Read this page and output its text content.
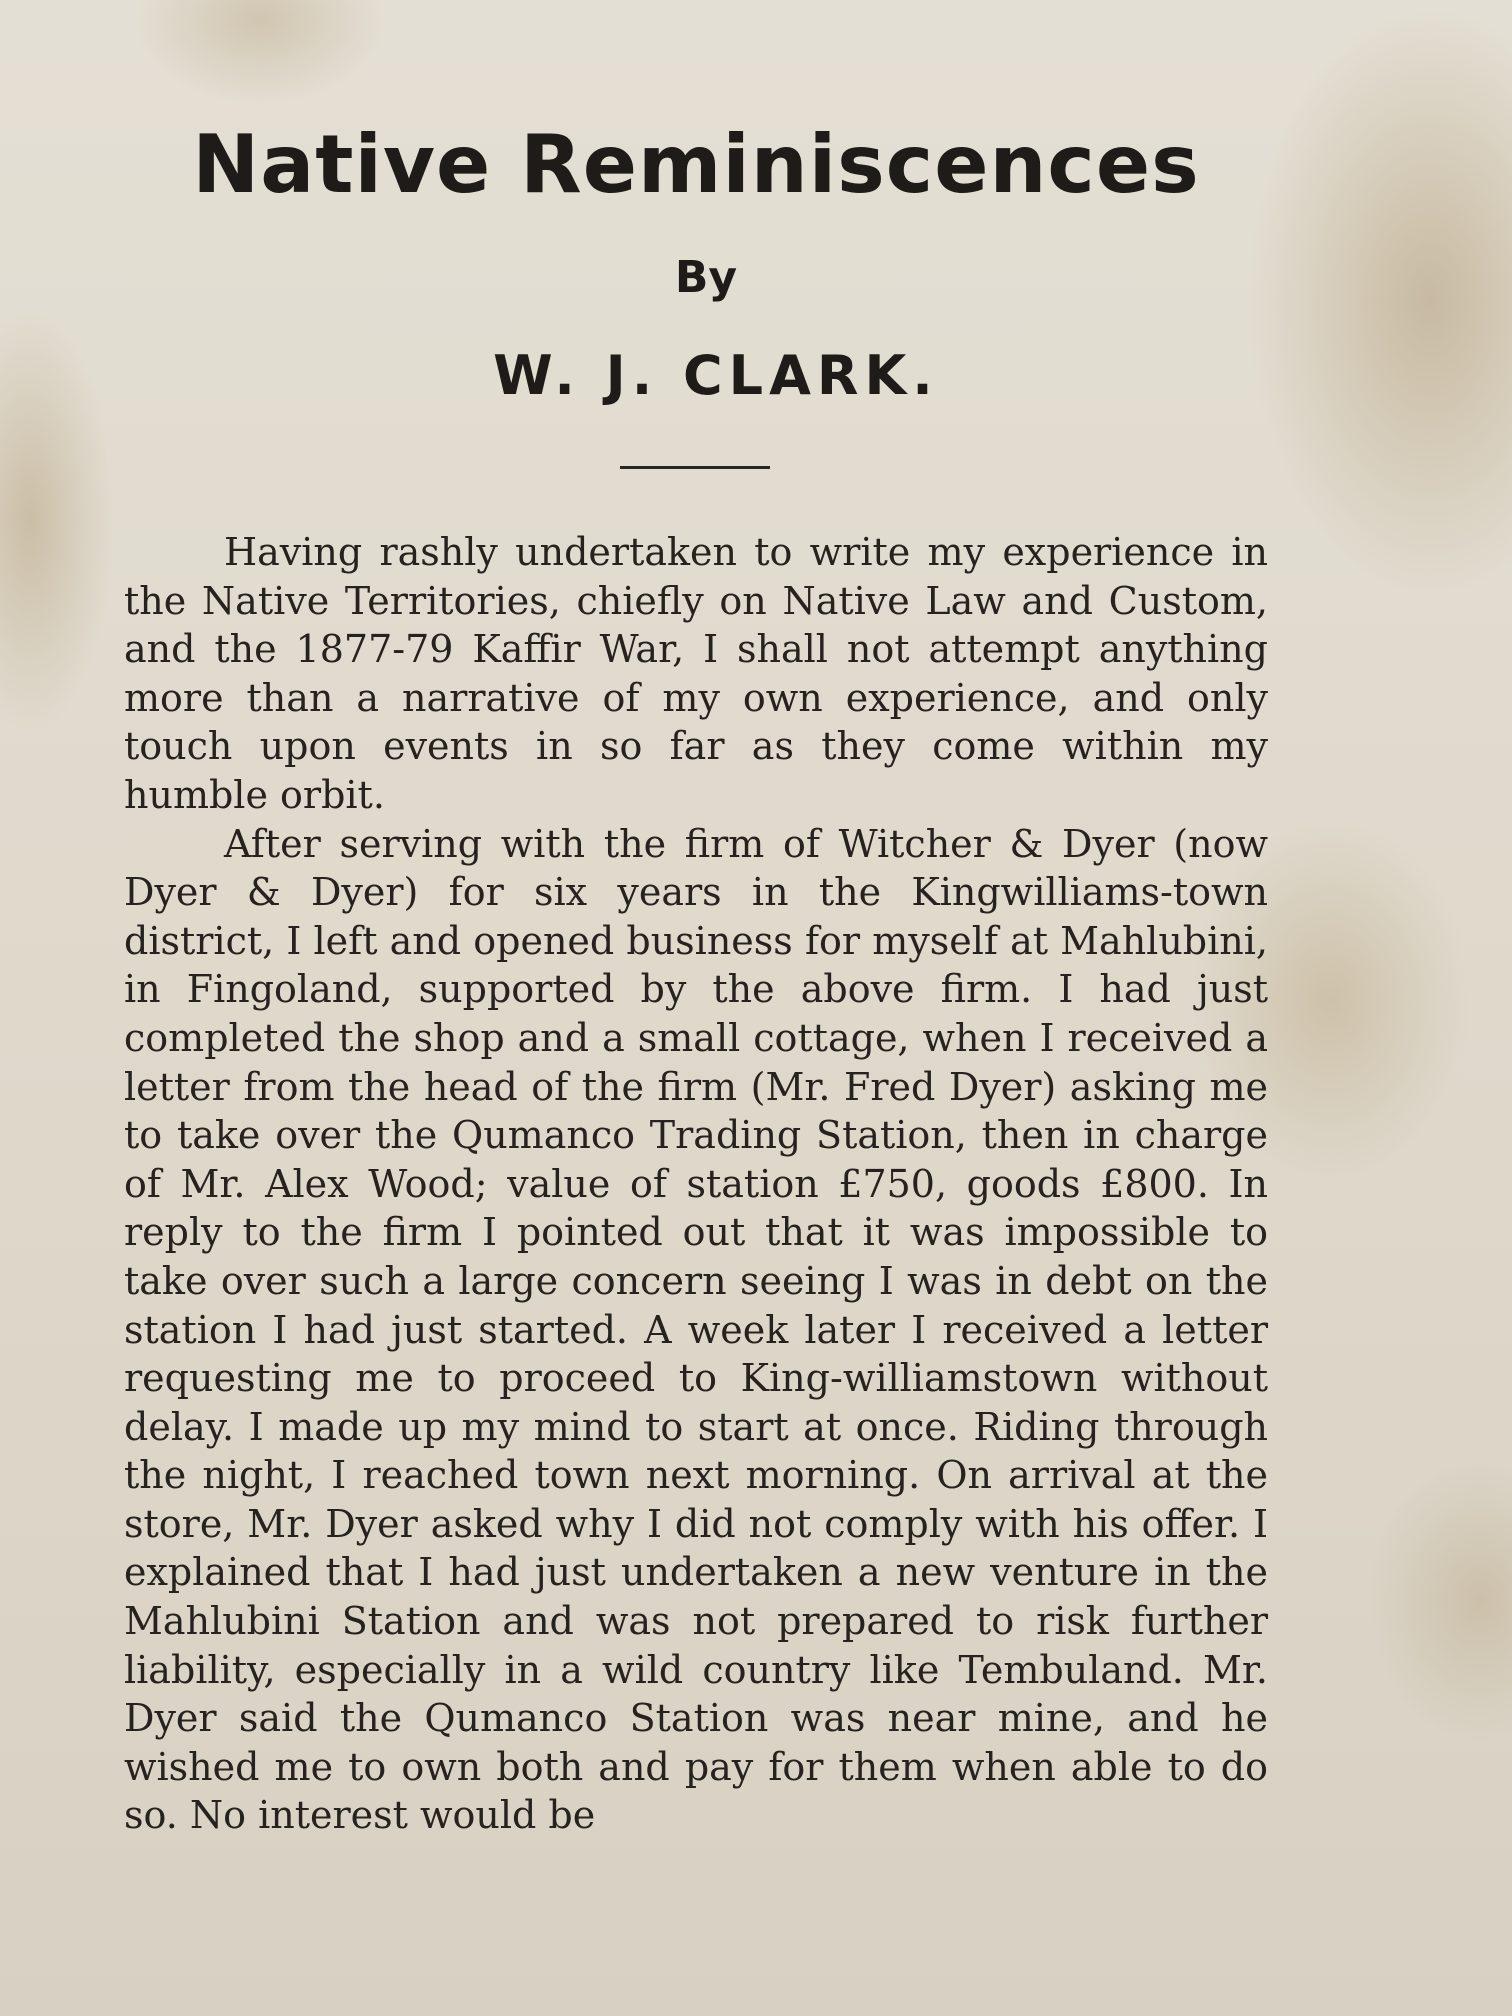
Native Reminiscences
By
W. J. CLARK.

Having rashly undertaken to write my experience in the Native Territories, chiefly on Native Law and Custom, and the 1877-79 Kaffir War, I shall not attempt anything more than a narrative of my own experience, and only touch upon events in so far as they come within my humble orbit.

After serving with the firm of Witcher & Dyer (now Dyer & Dyer) for six years in the Kingwilliams-town district, I left and opened business for myself at Mahlubini, in Fingoland, supported by the above firm. I had just completed the shop and a small cottage, when I received a letter from the head of the firm (Mr. Fred Dyer) asking me to take over the Qumanco Trading Station, then in charge of Mr. Alex Wood; value of station £750, goods £800. In reply to the firm I pointed out that it was impossible to take over such a large concern seeing I was in debt on the station I had just started. A week later I received a letter requesting me to proceed to King-williamstown without delay. I made up my mind to start at once. Riding through the night, I reached town next morning. On arrival at the store, Mr. Dyer asked why I did not comply with his offer. I explained that I had just undertaken a new venture in the Mahlubini Station and was not prepared to risk further liability, especially in a wild country like Tembuland. Mr. Dyer said the Qumanco Station was near mine, and he wished me to own both and pay for them when able to do so. No interest would be
